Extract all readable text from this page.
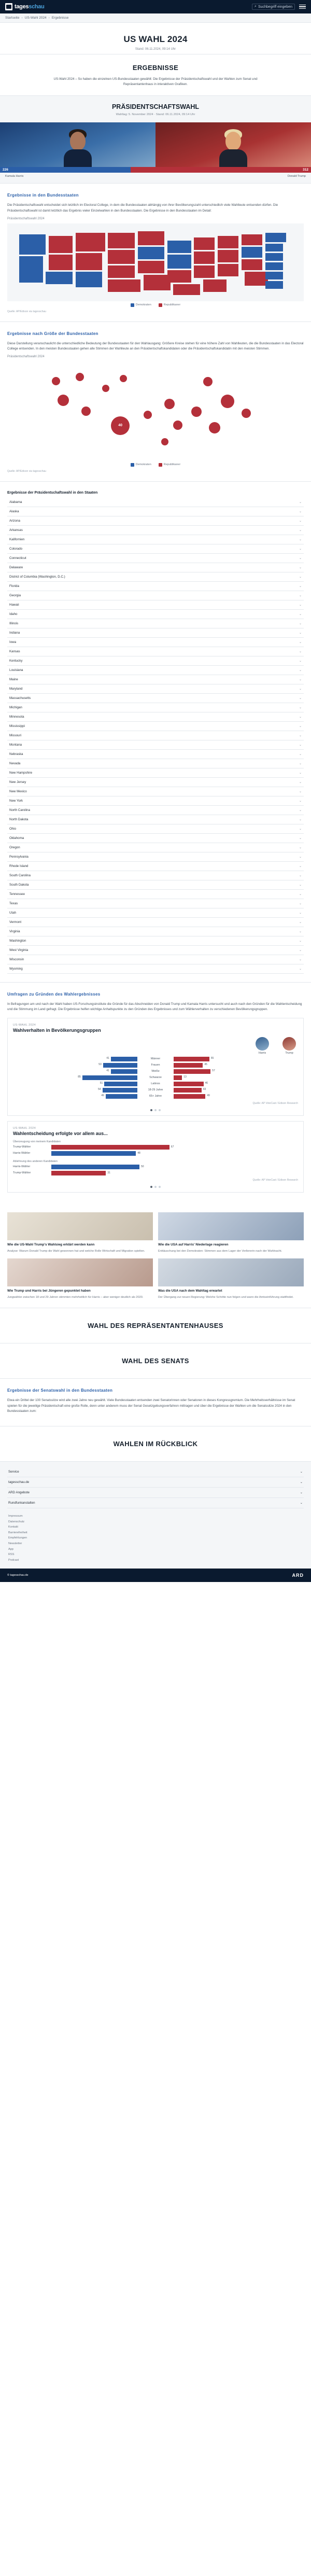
tagesschau	⌕ Suchbegriff eingeben
Startseite › US-Wahl 2024 › Ergebnisse
US WAHL 2024
Stand: 06.11.2024, 09:14 Uhr
ERGEBNISSE

US-Wahl 2024 – So haben die einzelnen US-Bundesstaaten gewählt: Die Ergebnisse der Präsidentschaftswahl und der Wahlen zum Senat und Repräsentantenhaus in interaktiven Grafiken.

PRÄSIDENTSCHAFTSWAHL
Wahltag: 5. November 2024 · Stand: 06.11.2024, 09:14 Uhr
226	312
Kamala Harris	Donald Trump
Ergebnisse in den Bundesstaaten

Die Präsidentschaftswahl entscheidet sich letztlich im Electoral College, in dem die Bundesstaaten abhängig von ihrer Bevölkerungszahl unterschiedlich viele Wahlleute entsenden dürfen. Die Präsidentschaftswahl ist damit letztlich das Ergebnis vieler Einzelwahlen in den Bundesstaaten. Die Ergebnisse in den Bundesstaaten im Detail:

Präsidentschaftswahl 2024
Demokraten	Republikaner
Quelle: AP/Edison via tagesschau
Ergebnisse nach Größe der Bundesstaaten

Diese Darstellung veranschaulicht die unterschiedliche Bedeutung der Bundesstaaten für den Wahlausgang: Größere Kreise stehen für eine höhere Zahl von Wahlleuten, die die Bundesstaaten in das Electoral College entsenden. In den meisten Bundesstaaten gehen alle Stimmen der Wahlleute an den Präsidentschaftskandidaten oder die Präsidentschaftskandidatin mit den meisten Stimmen.

Präsidentschaftswahl 2024
54
40
Demokraten	Republikaner
Quelle: AP/Edison via tagesschau
Ergebnisse der Präsidentschaftswahl in den Staaten
Alabama	⌄
Alaska	⌄
Arizona	⌄
Arkansas	⌄
Kalifornien	⌄
Colorado	⌄
Connecticut	⌄
Delaware	⌄
District of Columbia (Washington, D.C.)	⌄
Florida	⌄
Georgia	⌄
Hawaii	⌄
Idaho	⌄
Illinois	⌄
Indiana	⌄
Iowa	⌄
Kansas	⌄
Kentucky	⌄
Louisiana	⌄
Maine	⌄
Maryland	⌄
Massachusetts	⌄
Michigan	⌄
Minnesota	⌄
Mississippi	⌄
Missouri	⌄
Montana	⌄
Nebraska	⌄
Nevada	⌄
New Hampshire	⌄
New Jersey	⌄
New Mexico	⌄
New York	⌄
North Carolina	⌄
North Dakota	⌄
Ohio	⌄
Oklahoma	⌄
Oregon	⌄
Pennsylvania	⌄
Rhode Island	⌄
South Carolina	⌄
South Dakota	⌄
Tennessee	⌄
Texas	⌄
Utah	⌄
Vermont	⌄
Virginia	⌄
Washington	⌄
West Virginia	⌄
Wisconsin	⌄
Wyoming	⌄
Umfragen zu Gründen des Wahlergebnisses

In Befragungen am und nach der Wahl haben US-Forschungsinstitute die Gründe für das Abschneiden von Donald Trump und Kamala Harris untersucht und auch nach den Gründen für die Wahlentscheidung und die Stimmung im Land gefragt. Die Ergebnisse helfen wichtige Anhaltspunkte zu den Gründen des Ergebnisses und zum Wählerverhalten zu verschiedenen Bevölkerungsgruppen.

US-WAHL 2024
Wahlverhalten in Bevölkerungsgruppen
Harris	Trump
41	Männer	55
53	Frauen	45
41	Weiße	57
85	Schwarze	13
51	Latinos	46
54	18-29 Jahre	43
49	65+ Jahre	49
Quelle: AP VoteCast / Edison Research
US-WAHL 2024
Wahlentscheidung erfolgte vor allem aus...
Überzeugung von meinem Kandidaten
Trump-Wähler	67
Harris-Wähler	48
Ablehnung des anderen Kandidaten
Harris-Wähler	50
Trump-Wähler	31
Quelle: AP VoteCast / Edison Research
Wie die US-Wahl Trump's Wahlsieg erklärt werden kann
Analyse: Warum Donald Trump die Wahl gewonnen hat und welche Rolle Wirtschaft und Migration spielten.
Wie die USA auf Harris' Niederlage reagieren
Enttäuschung bei den Demokraten: Stimmen aus dem Lager der Verliererin nach der Wahlnacht.
Wie Trump und Harris bei Jüngeren gepunktet haben
Jungwähler zwischen 18 und 29 Jahren stimmten mehrheitlich für Harris – aber weniger deutlich als 2020.
Was die USA nach dem Wahltag erwartet
Der Übergang zur neuen Regierung: Welche Schritte nun folgen und wann die Amtseinführung stattfindet.
WAHL DES REPRÄSENTANTENHAUSES
WAHL DES SENATS
Ergebnisse der Senatswahl in den Bundesstaaten

Etwa ein Drittel der 100 Senatssitze wird alle zwei Jahre neu gewählt. Viele Bundesstaaten entsenden zwei Senatorinnen oder Senatoren in dieses Kongressgremium. Die Mehrheitsverhältnisse im Senat spielen für die jeweilige Präsidentschaft eine große Rolle, denn unter anderem muss der Senat Gesetzgebungsverfahren mittragen und über die Ergebnisse der Wahlen um die Senatssitze 2024 in den Bundesstaaten zum:

WAHLEN IM RÜCKBLICK
Service	⌄
tagesschau.de	⌄
ARD Angebote	⌄
Rundfunkanstalten	⌄
Impressum
Datenschutz
Kontakt
Barrierefreiheit
Empfehlungen
Newsletter
App
RSS
Podcast
© tagesschau.de	ARD
